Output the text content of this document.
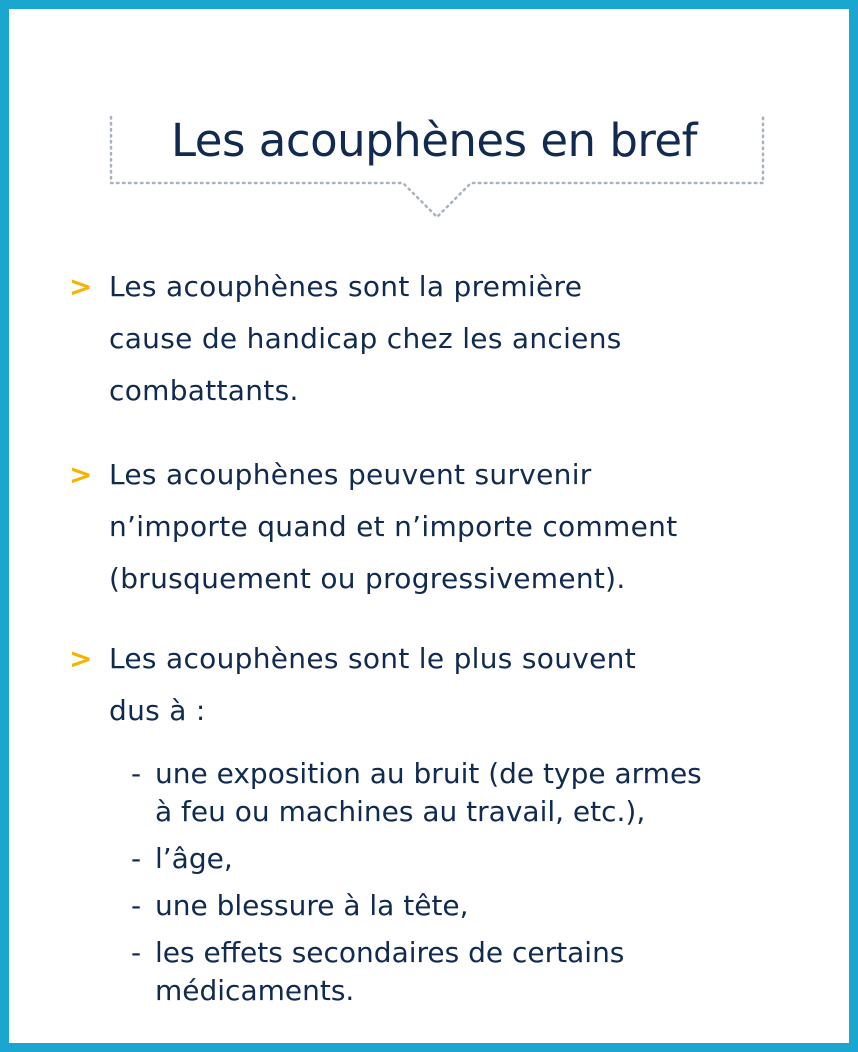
Les acouphènes en bref
> Les acouphènes sont la première
cause de handicap chez les anciens
combattants.
> Les acouphènes peuvent survenir
n’importe quand et n’importe comment
(brusquement ou progressivement).
> Les acouphènes sont le plus souvent
dus à :
- une exposition au bruit (de type armes
à feu ou machines au travail, etc.),
- l’âge,
- une blessure à la tête,
- les effets secondaires de certains
médicaments.
